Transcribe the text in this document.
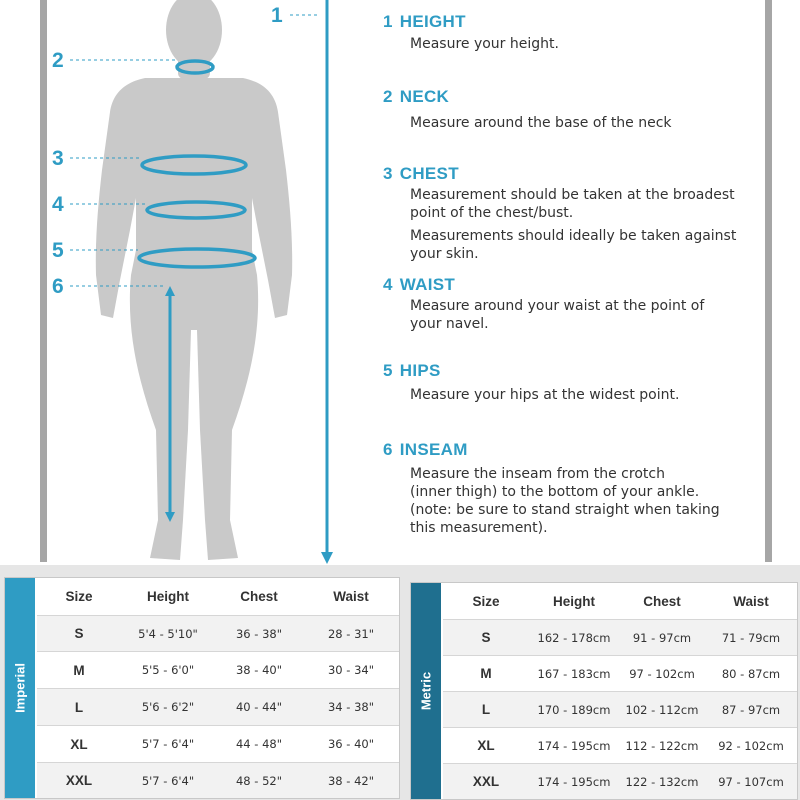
1
2
3
4
5
6
1 HEIGHT
Measure your height.
2 NECK
Measure around the base of the neck
3 CHEST
Measurement should be taken at the broadest
point of the chest/bust.
Measurements should ideally be taken against
your skin.
4 WAIST
Measure around your waist at the point of
your navel.
5 HIPS
Measure your hips at the widest point.
6 INSEAM
Measure the inseam from the crotch
(inner thigh) to the bottom of your ankle.
(note: be sure to stand straight when taking
this measurement).
Imperial
Size	Height	Chest	Waist
S	5'4 - 5'10"	36 - 38"	28 - 31"
M	5'5 - 6'0"	38 - 40"	30 - 34"
L	5'6 - 6'2"	40 - 44"	34 - 38"
XL	5'7 - 6'4"	44 - 48"	36 - 40"
XXL	5'7 - 6'4"	48 - 52"	38 - 42"
Metric
Size	Height	Chest	Waist
S	162 - 178cm	91 - 97cm	71 - 79cm
M	167 - 183cm	97 - 102cm	80 - 87cm
L	170 - 189cm	102 - 112cm	87 - 97cm
XL	174 - 195cm	112 - 122cm	92 - 102cm
XXL	174 - 195cm	122 - 132cm	97 - 107cm
